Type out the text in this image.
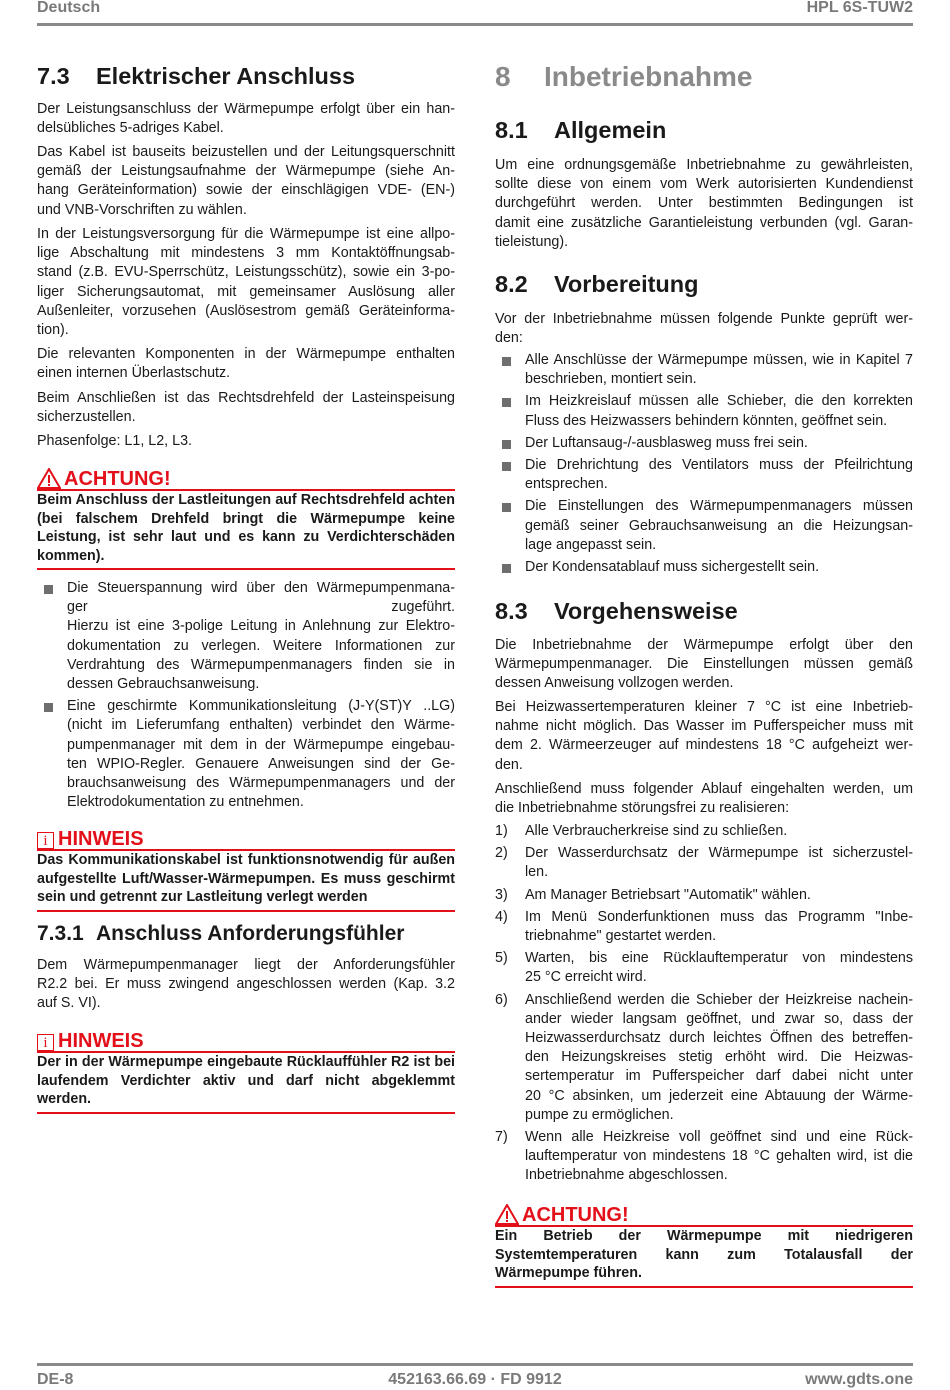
Deutsch	HPL 6S-TUW2
7.3 Elektrischer Anschluss
Der Leistungsanschluss der Wärmepumpe erfolgt über ein han-
delsübliches 5-adriges Kabel.
Das Kabel ist bauseits beizustellen und der Leitungsquerschnitt
gemäß der Leistungsaufnahme der Wärmepumpe (siehe An-
hang Geräteinformation) sowie der einschlägigen VDE- (EN-)
und VNB-Vorschriften zu wählen.
In der Leistungsversorgung für die Wärmepumpe ist eine allpo-
lige Abschaltung mit mindestens 3 mm Kontaktöffnungsab-
stand (z.B. EVU-Sperrschütz, Leistungsschütz), sowie ein 3-po-
liger Sicherungsautomat, mit gemeinsamer Auslösung aller
Außenleiter, vorzusehen (Auslösestrom gemäß Geräteinforma-
tion).
Die relevanten Komponenten in der Wärmepumpe enthalten
einen internen Überlastschutz.
Beim Anschließen ist das Rechtsdrehfeld der Lasteinspeisung
sicherzustellen.
Phasenfolge: L1, L2, L3.
ACHTUNG!
Beim Anschluss der Lastleitungen auf Rechtsdrehfeld achten
(bei falschem Drehfeld bringt die Wärmepumpe keine
Leistung, ist sehr laut und es kann zu Verdichterschäden
kommen).
Die Steuerspannung wird über den Wärmepumpenmana-
ger zugeführt.
Hierzu ist eine 3-polige Leitung in Anlehnung zur Elektro-
dokumentation zu verlegen. Weitere Informationen zur
Verdrahtung des Wärmepumpenmanagers finden sie in
dessen Gebrauchsanweisung.
Eine geschirmte Kommunikationsleitung (J-Y(ST)Y ..LG)
(nicht im Lieferumfang enthalten) verbindet den Wärme-
pumpenmanager mit dem in der Wärmepumpe eingebau-
ten WPIO-Regler. Genauere Anweisungen sind der Ge-
brauchsanweisung des Wärmepumpenmanagers und der
Elektrodokumentation zu entnehmen.
i HINWEIS
Das Kommunikationskabel ist funktionsnotwendig für außen
aufgestellte Luft/Wasser-Wärmepumpen. Es muss geschirmt
sein und getrennt zur Lastleitung verlegt werden
7.3.1 Anschluss Anforderungsfühler
Dem Wärmepumpenmanager liegt der Anforderungsfühler
R2.2 bei. Er muss zwingend angeschlossen werden (Kap. 3.2
auf S. VI).
i HINWEIS
Der in der Wärmepumpe eingebaute Rücklauffühler R2 ist bei
laufendem Verdichter aktiv und darf nicht abgeklemmt
werden.
8 Inbetriebnahme
8.1 Allgemein
Um eine ordnungsgemäße Inbetriebnahme zu gewährleisten,
sollte diese von einem vom Werk autorisierten Kundendienst
durchgeführt werden. Unter bestimmten Bedingungen ist
damit eine zusätzliche Garantieleistung verbunden (vgl. Garan-
tieleistung).
8.2 Vorbereitung
Vor der Inbetriebnahme müssen folgende Punkte geprüft wer-
den:
Alle Anschlüsse der Wärmepumpe müssen, wie in Kapitel 7
beschrieben, montiert sein.
Im Heizkreislauf müssen alle Schieber, die den korrekten
Fluss des Heizwassers behindern könnten, geöffnet sein.
Der Luftansaug-/-ausblasweg muss frei sein.
Die Drehrichtung des Ventilators muss der Pfeilrichtung
entsprechen.
Die Einstellungen des Wärmepumpenmanagers müssen
gemäß seiner Gebrauchsanweisung an die Heizungsan-
lage angepasst sein.
Der Kondensatablauf muss sichergestellt sein.
8.3 Vorgehensweise
Die Inbetriebnahme der Wärmepumpe erfolgt über den
Wärmepumpenmanager. Die Einstellungen müssen gemäß
dessen Anweisung vollzogen werden.
Bei Heizwassertemperaturen kleiner 7 °C ist eine Inbetrieb-
nahme nicht möglich. Das Wasser im Pufferspeicher muss mit
dem 2. Wärmeerzeuger auf mindestens 18 °C aufgeheizt wer-
den.
Anschließend muss folgender Ablauf eingehalten werden, um
die Inbetriebnahme störungsfrei zu realisieren:
1) Alle Verbraucherkreise sind zu schließen.
2) Der Wasserdurchsatz der Wärmepumpe ist sicherzustel-
len.
3) Am Manager Betriebsart "Automatik" wählen.
4) Im Menü Sonderfunktionen muss das Programm "Inbe-
triebnahme" gestartet werden.
5) Warten, bis eine Rücklauftemperatur von mindestens
25 °C erreicht wird.
6) Anschließend werden die Schieber der Heizkreise nachein-
ander wieder langsam geöffnet, und zwar so, dass der
Heizwasserdurchsatz durch leichtes Öffnen des betreffen-
den Heizungskreises stetig erhöht wird. Die Heizwas-
sertemperatur im Pufferspeicher darf dabei nicht unter
20 °C absinken, um jederzeit eine Abtauung der Wärme-
pumpe zu ermöglichen.
7) Wenn alle Heizkreise voll geöffnet sind und eine Rück-
lauftemperatur von mindestens 18 °C gehalten wird, ist die
Inbetriebnahme abgeschlossen.
ACHTUNG!
Ein Betrieb der Wärmepumpe mit niedrigeren
Systemtemperaturen kann zum Totalausfall der
Wärmepumpe führen.
DE-8	452163.66.69 · FD 9912	www.gdts.one
